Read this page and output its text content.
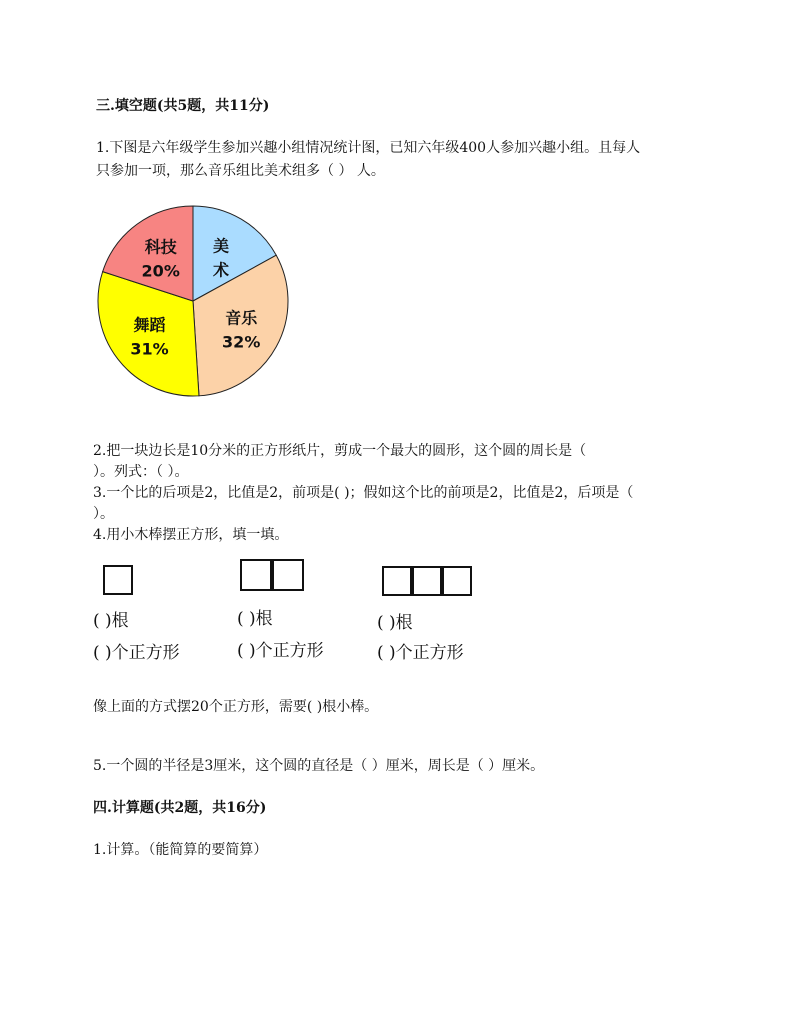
三.填空题(共5题，共11分)
1.下图是六年级学生参加兴趣小组情况统计图，已知六年级400人参加兴趣小组。且每人
只参加一项，那么音乐组比美术组多（ ） 人。
美
术
音乐
32%
舞蹈
31%
科技
20%
2.把一块边长是10分米的正方形纸片，剪成一个最大的圆形，这个圆的周长是（
）。列式：（ ）。
3.一个比的后项是2，比值是2，前项是( )；假如这个比的前项是2，比值是2，后项是（
）。
4.用小木棒摆正方形，填一填。
( )根
( )个正方形
( )根
( )个正方形
( )根
( )个正方形
像上面的方式摆20个正方形，需要( )根小棒。
5.一个圆的半径是3厘米，这个圆的直径是（ ）厘米，周长是（ ）厘米。
四.计算题(共2题，共16分)
1.计算。（能简算的要简算）
